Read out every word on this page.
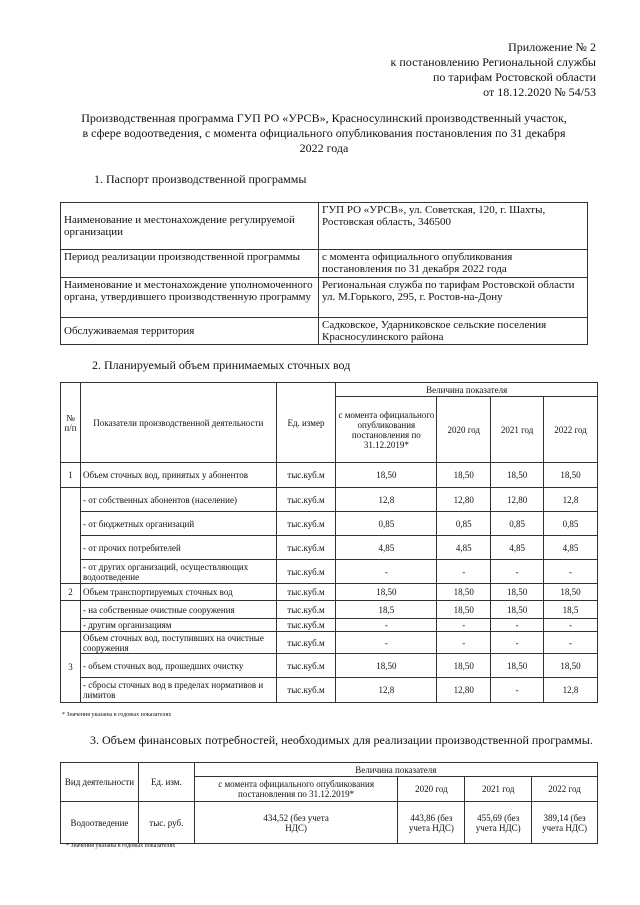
Приложение № 2
к постановлению Региональной службы
по тарифам Ростовской области
от 18.12.2020 № 54/53
Производственная программа ГУП РО «УРСВ», Красносулинский производственный участок,
в сфере водоотведения, с момента официального опубликования постановления по 31 декабря
2022 года
1. Паспорт производственной программы
Наименование и местонахождение регулируемой организации	ГУП РО «УРСВ», ул. Советская, 120, г. Шахты, Ростовская область, 346500
Период реализации производственной программы	с момента официального опубликования постановления по 31 декабря 2022 года
Наименование и местонахождение уполномоченного органа, утвердившего производственную программу	Региональная служба по тарифам Ростовской области ул. М.Горького, 295, г. Ростов-на-Дону
Обслуживаемая территория	Садковское, Ударниковское сельские поселения Красносулинского района
2. Планируемый объем принимаемых сточных вод
№ п/п	Показатели производственной деятельности	Ед. измер	Величина показателя			
			с момента официального опубликования постановления по 31.12.2019*	2020 год	2021 год	2022 год
1	Объем сточных вод, принятых у абонентов	тыс.куб.м	18,50	18,50	18,50	18,50
	- от собственных абонентов (население)	тыс.куб.м	12,8	12,80	12,80	12,8
	- от бюджетных организаций	тыс.куб.м	0,85	0,85	0,85	0,85
	- от прочих потребителей	тыс.куб.м	4,85	4,85	4,85	4,85
	- от других организаций, осуществляющих водоотведение	тыс.куб.м	-	-	-	-
2	Объем транспортируемых сточных вод	тыс.куб.м	18,50	18,50	18,50	18,50
	- на собственные очистные сооружения	тыс.куб.м	18,5	18,50	18,50	18,5
	- другим организациям	тыс.куб.м	-	-	-	-
3	Объем сточных вод, поступивших на очистные сооружения	тыс.куб.м	-	-	-	-
	- объем сточных вод, прошедших очистку	тыс.куб.м	18,50	18,50	18,50	18,50
	- сбросы сточных вод в пределах нормативов и лимитов	тыс.куб.м	12,8	12,80	-	12,8
* Значения указаны в годовых показателях
3. Объем финансовых потребностей, необходимых для реализации производственной программы.
Вид деятельности	Ед. изм.	Величина показателя			
		с момента официального опубликования постановления по 31.12.2019*	2020 год	2021 год	2022 год
Водоотведение	тыс. руб.	434,52 (без учета НДС)	443,86 (без учета НДС)	455,69 (без учета НДС)	389,14 (без учета НДС)
* Значения указаны в годовых показателях
